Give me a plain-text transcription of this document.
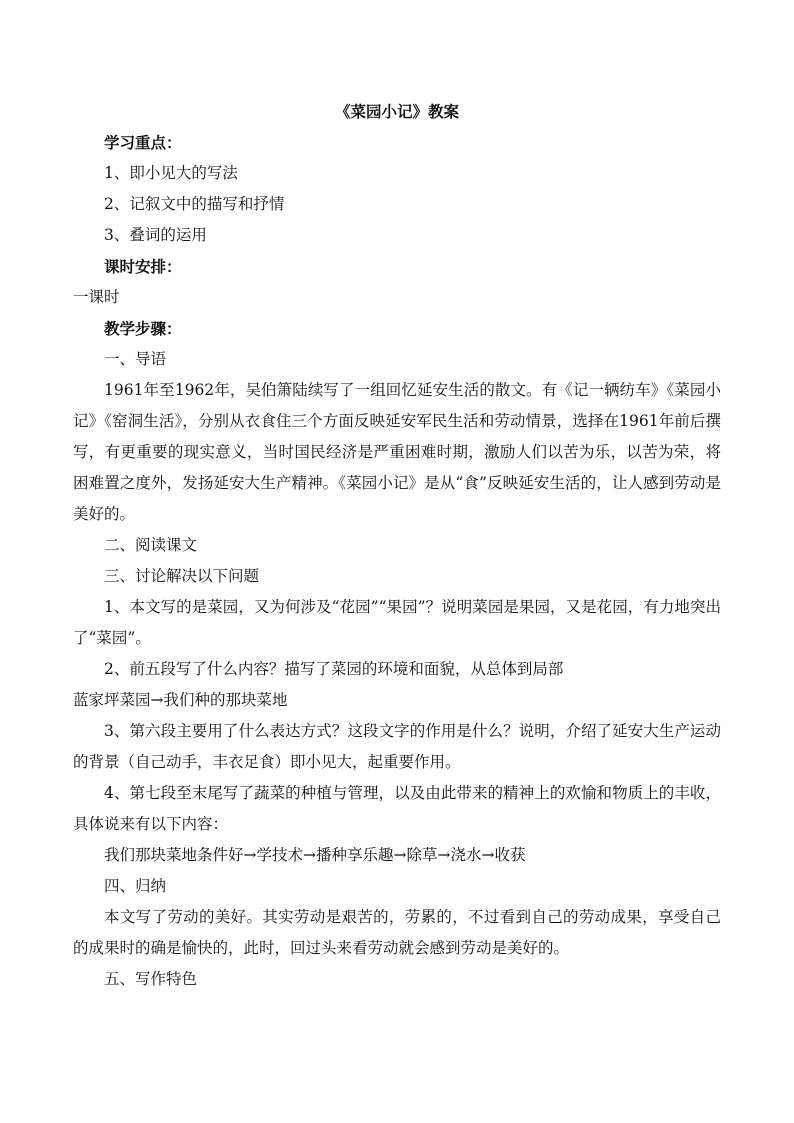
《菜园小记》教案

学习重点：

1、即小见大的写法

2、记叙文中的描写和抒情

3、叠词的运用

课时安排：

一课时

教学步骤：

一、导语

1961年至1962年，吴伯箫陆续写了一组回忆延安生活的散文。有《记一辆纺车》《菜园小记》《窑洞生活》，分别从衣食住三个方面反映延安军民生活和劳动情景，选择在1961年前后撰写，有更重要的现实意义，当时国民经济是严重困难时期，激励人们以苦为乐，以苦为荣，将困难置之度外，发扬延安大生产精神。《菜园小记》是从“食”反映延安生活的，让人感到劳动是美好的。

二、阅读课文

三、讨论解决以下问题

1、本文写的是菜园，又为何涉及“花园”“果园”？说明菜园是果园，又是花园，有力地突出了“菜园”。

2、前五段写了什么内容？描写了菜园的环境和面貌，从总体到局部

蓝家坪菜园→我们种的那块菜地

3、第六段主要用了什么表达方式？这段文字的作用是什么？说明，介绍了延安大生产运动的背景（自己动手，丰衣足食）即小见大，起重要作用。

4、第七段至末尾写了蔬菜的种植与管理，以及由此带来的精神上的欢愉和物质上的丰收，具体说来有以下内容：

我们那块菜地条件好→学技术→播种享乐趣→除草→浇水→收获

四、归纳

本文写了劳动的美好。其实劳动是艰苦的，劳累的，不过看到自己的劳动成果，享受自己的成果时的确是愉快的，此时，回过头来看劳动就会感到劳动是美好的。

五、写作特色
